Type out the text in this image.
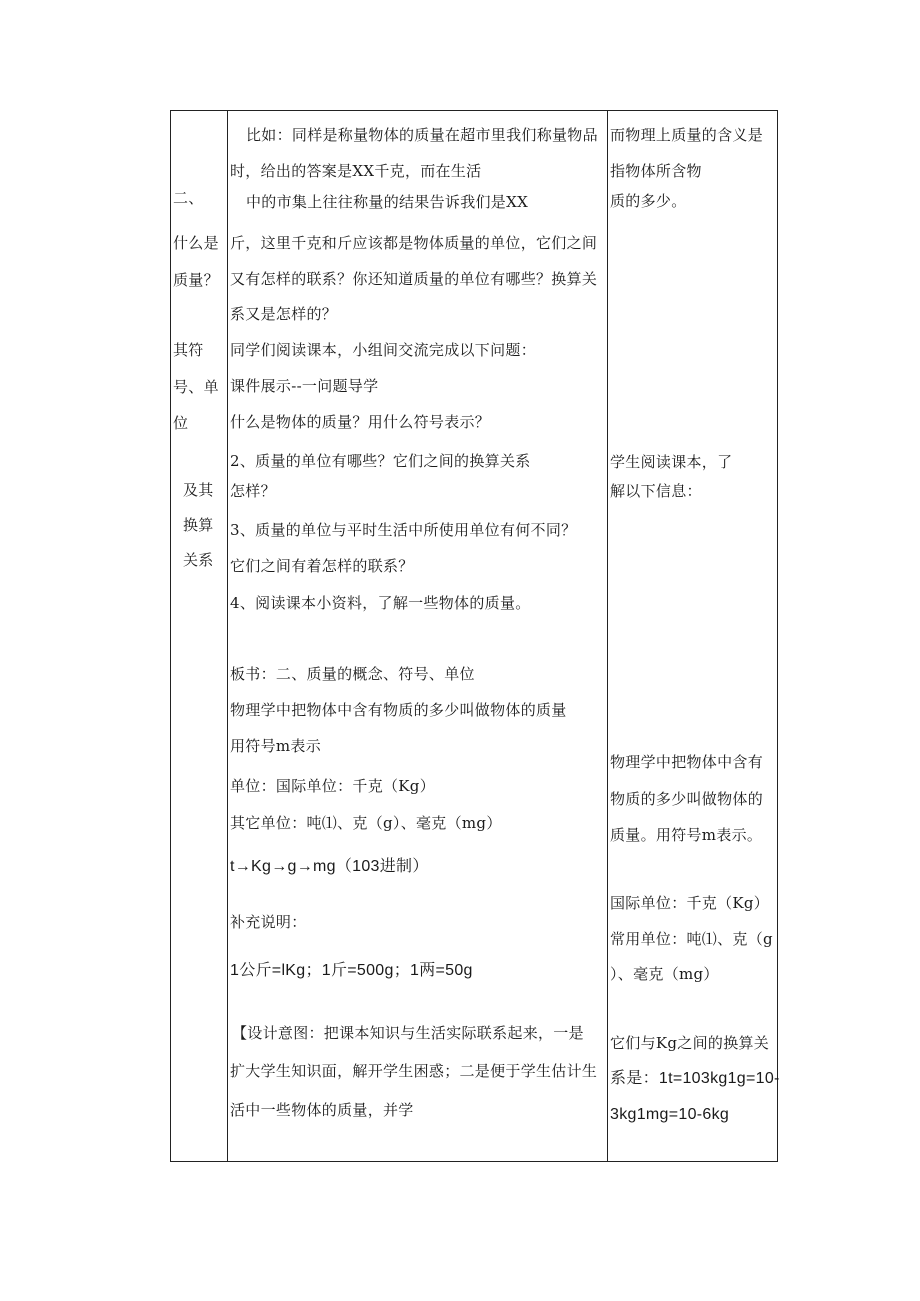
二、
什么是
质量？
其符
号、单
位
及其
换算
关系
比如：同样是称量物体的质量在超市里我们称量物品
时，给出的答案是XX千克，而在生活
中的市集上往往称量的结果告诉我们是XX
斤，这里千克和斤应该都是物体质量的单位，它们之间
又有怎样的联系？你还知道质量的单位有哪些？换算关
系又是怎样的？
同学们阅读课本，小组间交流完成以下问题：
课件展示--一问题导学
什么是物体的质量？用什么符号表示？
2、质量的单位有哪些？它们之间的换算关系
怎样？
3、质量的单位与平时生活中所使用单位有何不同？
它们之间有着怎样的联系？
4、阅读课本小资料，了解一些物体的质量。
板书：二、质量的概念、符号、单位
物理学中把物体中含有物质的多少叫做物体的质量
用符号m表示
单位：国际单位：千克（Kg）
其它单位：吨⑴、克（g）、毫克（mg）
t→Kg→g→mg（103进制）
补充说明：
1公斤=lKg；1斤=500g；1两=50g
【设计意图：把课本知识与生活实际联系起来，一是
扩大学生知识面，解开学生困惑；二是便于学生估计生
活中一些物体的质量，并学
而物理上质量的含义是
指物体所含物
质的多少。
学生阅读课本，了
解以下信息：
物理学中把物体中含有
物质的多少叫做物体的
质量。用符号m表示。
国际单位：千克（Kg）
常用单位：吨⑴、克（g
）、毫克（mg）
它们与Kg之间的换算关
系是：1t=103kg1g=10-
3kg1mg=10-6kg
